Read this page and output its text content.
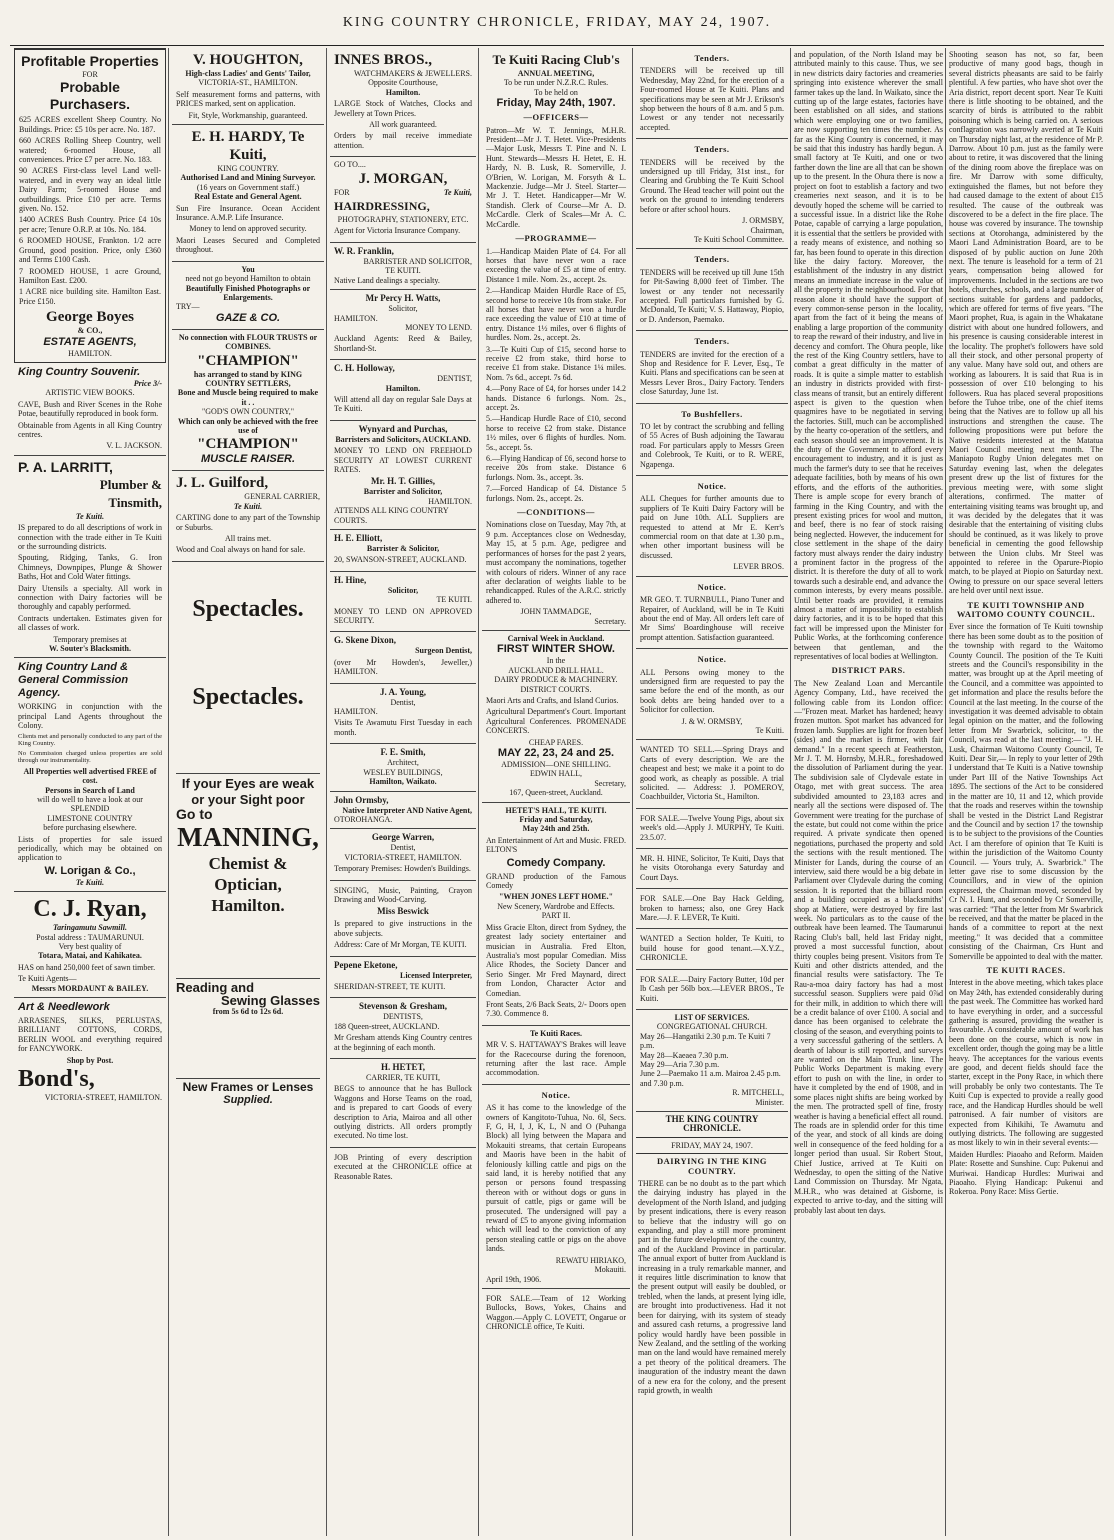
KING COUNTRY CHRONICLE, FRIDAY, MAY 24, 1907.
Profitable Properties
FOR
Probable Purchasers.
625 ACRES excellent Sheep Country. No Buildings. Price: £5 10s per acre. No. 187.
660 ACRES Rolling Sheep Country, well watered; 6-roomed House, all conveniences. Price £7 per acre. No. 183.
90 ACRES First-class level Land well-watered, and in every way an ideal little Dairy Farm; 5-roomed House and outbuildings. Price £10 per acre. Terms given. No. 152.
1400 ACRES Bush Country. Price £4 10s per acre; Tenure O.R.P. at 10s. No. 184.
6 ROOMED HOUSE, Frankton. 1/2 acre Ground, good position. Price, only £360 and Terms £100 Cash.
7 ROOMED HOUSE, 1 acre Ground, Hamilton East. £200.
1 ACRE nice building site. Hamilton East. Price £150.
George Boyes
& CO.,
ESTATE AGENTS,
HAMILTON.
King Country Souvenir.
Price 3/-
ARTISTIC VIEW BOOKS.
CAVE, Bush and River Scenes in the Rohe Potae, beautifully reproduced in book form.
Obtainable from Agents in all King Country centres.
V. L. JACKSON.
P. A. LARRITT,
Plumber &
Tinsmith,
Te Kuiti.
IS prepared to do all descriptions of work in connection with the trade either in Te Kuiti or the surrounding districts.
Spouting, Ridging, Tanks, G. Iron Chimneys, Downpipes, Plunge & Shower Baths, Hot and Cold Water fittings.
Dairy Utensils a specialty. All work in connection with Dairy factories will be thoroughly and capably performed.
Contracts undertaken. Estimates given for all classes of work.
Temporary premises at
W. Souter's Blacksmith.
King Country Land & General Commission Agency.
WORKING in conjunction with the principal Land Agents throughout the Colony.
Clients met and personally conducted to any part of the King Country.
No Commission charged unless properties are sold through our instrumentality.
All Properties well advertised FREE of cost.
Persons in Search of Land
will do well to have a look at our
SPLENDID
LIMESTONE COUNTRY
before purchasing elsewhere.
Lists of properties for sale issued periodically, which may be obtained on application to
W. Lorigan & Co.,
Te Kuiti.
C. J. Ryan,
Taringamutu Sawmill.
Postal address : TAUMARUNUI.
Very best quality of
Totara, Matai, and Kahikatea.
HAS on hand 250,000 feet of sawn timber.
Te Kuiti Agents—
Messrs MORDAUNT & BAILEY.
Art & Needlework
ARRASENES, SILKS, PERLUSTAS, BRILLIANT COTTONS, CORDS, BERLIN WOOL and everything required for FANCYWORK.
Shop by Post.
Bond's,
VICTORIA-STREET, HAMILTON.
V. HOUGHTON,
High-class Ladies' and Gents' Tailor,
VICTORIA-ST., HAMILTON.
Self measurement forms and patterns, with PRICES marked, sent on application.
Fit, Style, Workmanship, guaranteed.
E. H. HARDY, Te Kuiti,
KING COUNTRY.
Authorised Land and Mining Surveyor.
(16 years on Government staff.)
Real Estate and General Agent.
Sun Fire Insurance. Ocean Accident Insurance. A.M.P. Life Insurance.
Money to lend on approved security.
Maori Leases Secured and Completed throughout.
You
need not go beyond Hamilton to obtain
Beautifully Finished Photographs or Enlargements.
TRY—
GAZE & CO.
No connection with FLOUR TRUSTS or COMBINES.
"CHAMPION"
has arranged to stand by KING COUNTRY SETTLERS,
Bone and Muscle being required to make it . .
"GOD'S OWN COUNTRY,"
Which can only be achieved with the free use of
"CHAMPION"
MUSCLE RAISER.
J. L. Guilford,
GENERAL CARRIER,
Te Kuiti.
CARTING done to any part of the Township or Suburbs.
All trains met.
Wood and Coal always on hand for sale.
Spectacles.
Spectacles.
If your Eyes are weak or your Sight poor
Go to
MANNING,
Chemist & Optician, Hamilton.
Reading and
Sewing Glasses
from 5s 6d to 12s 6d.
New Frames or Lenses
Supplied.
INNES BROS.,
WATCHMAKERS & JEWELLERS.
Opposite Courthouse,
Hamilton.
LARGE Stock of Watches, Clocks and Jewellery at Town Prices.
All work guaranteed.
Orders by mail receive immediate attention.
GO TO....
J. MORGAN,
FOR	Te Kuiti,
HAIRDRESSING,
PHOTOGRAPHY, STATIONERY, ETC.
Agent for Victoria Insurance Company.
W. R. Franklin,
BARRISTER AND SOLICITOR,
TE KUITI.
Native Land dealings a specialty.
Mr Percy H. Watts,
Solicitor,
HAMILTON.
MONEY TO LEND.
Auckland Agents: Reed & Bailey, Shortland-St.
C. H. Holloway,
DENTIST,
Hamilton.
Will attend all day on regular Sale Days at Te Kuiti.
Wynyard and Purchas,
Barristers and Solicitors, AUCKLAND.
MONEY TO LEND ON FREEHOLD SECURITY AT LOWEST CURRENT RATES.
Mr. H. T. Gillies,
Barrister and Solicitor,
HAMILTON.
ATTENDS ALL KING COUNTRY COURTS.
H. E. Elliott,
Barrister & Solicitor,
20, SWANSON-STREET, AUCKLAND.
H. Hine,
Solicitor,
TE KUITI.
MONEY TO LEND ON APPROVED SECURITY.
G. Skene Dixon,
Surgeon Dentist,
(over Mr Howden's, Jeweller,) HAMILTON.
J. A. Young,
Dentist,
HAMILTON.
Visits Te Awamutu First Tuesday in each month.
F. E. Smith,
Architect,
WESLEY BUILDINGS,
Hamilton, Waikato.
John Ormsby,
Native Interpreter AND Native Agent,
OTOROHANGA.
George Warren,
Dentist,
VICTORIA-STREET, HAMILTON.
Temporary Premises: Howden's Buildings.
SINGING, Music, Painting, Crayon Drawing and Wood-Carving.
Miss Beswick
Is prepared to give instructions in the above subjects.
Address: Care of Mr Morgan, TE KUITI.
Pepene Eketone,
Licensed Interpreter,
SHERIDAN-STREET, TE KUITI.
Stevenson & Gresham,
DENTISTS,
188 Queen-street, AUCKLAND.
Mr Gresham attends King Country centres at the beginning of each month.
H. HETET,
CARRIER, TE KUITI,
BEGS to announce that he has Bullock Waggons and Horse Teams on the road, and is prepared to cart Goods of every description to Aria, Mairoa and all other outlying districts. All orders promptly executed. No time lost.
JOB Printing of every description executed at the CHRONICLE office at Reasonable Rates.
Te Kuiti Racing Club's
ANNUAL MEETING,
To be run under N.Z.R.C. Rules.
To be held on
Friday, May 24th, 1907.
—OFFICERS—
Patron—Mr W. T. Jennings, M.H.R. President—Mr J. T. Hetet. Vice-Presidents—Major Lusk, Messrs T. Pine and N. I. Hunt. Stewards—Messrs H. Hetet, E. H. Hardy, N. B. Lusk, R. Somerville, J. O'Brien, W. Lorigan, M. Forsyth & L. Mackenzie. Judge—Mr J. Steel. Starter—Mr J. T. Hetet. Handicapper—Mr W. Standish. Clerk of Course—Mr A. D. McCardle. Clerk of Scales—Mr A. C. McCardle.
—PROGRAMME—
1.—Handicap Maiden Plate of £4. For all horses that have never won a race exceeding the value of £5 at time of entry. Distance 1 mile. Nom. 2s., accept. 2s.
2.—Handicap Maiden Hurdle Race of £5, second horse to receive 10s from stake. For all horses that have never won a hurdle race exceeding the value of £10 at time of entry. Distance 1½ miles, over 6 flights of hurdles. Nom. 2s., accept. 2s.
3.—Te Kuiti Cup of £15, second horse to receive £2 from stake, third horse to receive £1 from stake. Distance 1¼ miles. Nom. 7s 6d., accept. 7s 6d.
4.—Pony Race of £4, for horses under 14.2 hands. Distance 6 furlongs. Nom. 2s., accept. 2s.
5.—Handicap Hurdle Race of £10, second horse to receive £2 from stake. Distance 1½ miles, over 6 flights of hurdles. Nom. 5s., accept. 5s.
6.—Flying Handicap of £6, second horse to receive 20s from stake. Distance 6 furlongs. Nom. 3s., accept. 3s.
7.—Forced Handicap of £4. Distance 5 furlongs. Nom. 2s., accept. 2s.
—CONDITIONS—
Nominations close on Tuesday, May 7th, at 9 p.m. Acceptances close on Wednesday, May 15, at 5 p.m. Age, pedigree and performances of horses for the past 2 years, must accompany the nominations, together with colours of riders. Winner of any race after declaration of weights liable to be rehandicapped. Rules of the A.R.C. strictly adhered to.
JOHN TAMMADGE,
Secretary.
Carnival Week in Auckland.
FIRST WINTER SHOW.
In the
AUCKLAND DRILL HALL.
DAIRY PRODUCE & MACHINERY.
DISTRICT COURTS.
Maori Arts and Crafts, and Island Curios.
Agricultural Department's Court. Important Agricultural Conferences. PROMENADE CONCERTS.
CHEAP FARES.
MAY 22, 23, 24 and 25.
ADMISSION—ONE SHILLING.
EDWIN HALL,
Secretary,
167, Queen-street, Auckland.
HETET'S HALL, TE KUITI.
Friday and Saturday,
May 24th and 25th.
An Entertainment of Art and Music. FRED. ELTON'S
Comedy Company.
GRAND production of the Famous Comedy
"WHEN JONES LEFT HOME."
New Scenery, Wardrobe and Effects.
PART II.
Miss Gracie Elton, direct from Sydney, the greatest lady society entertainer and musician in Australia. Fred Elton, Australia's most popular Comedian. Miss Alice Rhodes, the Society Dancer and Serio Singer. Mr Fred Maynard, direct from London, Character Actor and Comedian.
Front Seats, 2/6 Back Seats, 2/- Doors open 7.30. Commence 8.
Te Kuiti Races.
MR V. S. HATTAWAY'S Brakes will leave for the Racecourse during the forenoon, returning after the last race. Ample accommodation.
Notice.
AS it has come to the knowledge of the owners of Kangitoto-Tuhua, No. 6l, Secs. F, G, H, I, J, K, L, N and O (Puhanga Block) all lying between the Mapara and Mokauiti streams, that certain Europeans and Maoris have been in the habit of feloniously killing cattle and pigs on the said land, it is hereby notified that any person or persons found trespassing thereon with or without dogs or guns in pursuit of cattle, pigs or game will be prosecuted. The undersigned will pay a reward of £5 to anyone giving information which will lead to the conviction of any person stealing cattle or pigs on the above lands.
REWATU HIRIAKO,
Mokauiti.
April 19th, 1906.
FOR SALE.—Team of 12 Working Bullocks, Bows, Yokes, Chains and Waggon.—Apply C. LOVETT, Ongarue or CHRONICLE office, Te Kuiti.
Tenders.
TENDERS will be received up till Wednesday, May 22nd, for the erection of a Four-roomed House at Te Kuiti. Plans and specifications may be seen at Mr J. Erikson's shop between the hours of 8 a.m. and 5 p.m. Lowest or any tender not necessarily accepted.
Tenders.
TENDERS will be received by the undersigned up till Friday, 31st inst., for Clearing and Grubbing the Te Kuiti School Ground. The Head teacher will point out the work on the ground to intending tenderers before or after school hours.
J. ORMSBY,
Chairman,
Te Kuiti School Committee.
Tenders.
TENDERS will be received up till June 15th for Pit-Sawing 8,000 feet of Timber. The lowest or any tender not necessarily accepted. Full particulars furnished by G. McDonald, Te Kuiti; V. S. Hattaway, Piopio, or D. Anderson, Paemako.
Tenders.
TENDERS are invited for the erection of a Shop and Residence for F. Lever, Esq., Te Kuiti. Plans and specifications can be seen at Messrs Lever Bros., Dairy Factory. Tenders close Saturday, June 1st.
To Bushfellers.
TO let by contract the scrubbing and felling of 55 Acres of Bush adjoining the Tawarau road. For particulars apply to Messrs Green and Colebrook, Te Kuiti, or to R. WERE, Ngapenga.
Notice.
ALL Cheques for further amounts due to suppliers of Te Kuiti Dairy Factory will be paid on June 10th. ALL Suppliers are requested to attend at Mr E. Kerr's commercial room on that date at 1.30 p.m., when other important business will be discussed.
LEVER BROS.
Notice.
MR GEO. T. TURNBULL, Piano Tuner and Repairer, of Auckland, will be in Te Kuiti about the end of May. All orders left care of Mr Sims' Boardinghouse will receive prompt attention. Satisfaction guaranteed.
Notice.
ALL Persons owing money to the undersigned firm are requested to pay the same before the end of the month, as our book debts are being handed over to a Solicitor for collection.
J. & W. ORMSBY,
Te Kuiti.
WANTED TO SELL.—Spring Drays and Carts of every description. We are the cheapest and best; we make it a point to do good work, as cheaply as possible. A trial solicited. — Address: J. POMEROY, Coachbuilder, Victoria St., Hamilton.
FOR SALE.—Twelve Young Pigs, about six week's old.—Apply J. MURPHY, Te Kuiti. 23.5.07.
MR. H. HINE, Solicitor, Te Kuiti, Days that he visits Otorohanga every Saturday and Court Days.
FOR SALE.—One Bay Hack Gelding, broken to harness; also, one Grey Hack Mare.—J. F. LEVER, Te Kuiti.
WANTED a Section holder, Te Kuiti, to build house for good tenant.—X.Y.Z., CHRONICLE.
FOR SALE.—Dairy Factory Butter, 10d per lb Cash per 56lb box.—LEVER BROS., Te Kuiti.
LIST OF SERVICES.
CONGREGATIONAL CHURCH.
May 26—Hangatiki 2.30 p.m. Te Kuiti 7 p.m.
May 28—Kaeaea 7.30 p.m.
May 29—Aria 7.30 p.m.
June 2—Paemako 11 a.m. Mairoa 2.45 p.m. and 7.30 p.m.
R. MITCHELL,
Minister.
THE KING COUNTRY CHRONICLE.
FRIDAY, MAY 24, 1907.
DAIRYING IN THE KING COUNTRY.
THERE can be no doubt as to the part which the dairying industry has played in the development of the North Island, and judging by present indications, there is every reason to believe that the industry will go on expanding, and play a still more prominent part in the future development of the country, and of the Auckland Province in particular. The annual export of butter from Auckland is increasing in a truly remarkable manner, and it requires little discrimination to know that the present output will easily be doubled, or trebled, when the lands, at present lying idle, are brought into productiveness. Had it not been for dairying, with its system of steady and assured cash returns, a progressive land policy would hardly have been possible in New Zealand, and the settling of the working man on the land would have remained merely a pet theory of the political dreamers. The inauguration of the industry meant the dawn of a new era for the colony, and the present rapid growth, in wealth
and population, of the North Island may be attributed mainly to this cause. Thus, we see in new districts dairy factories and creameries springing into existence wherever the small farmer takes up the land. In Waikato, since the cutting up of the large estates, factories have been established on all sides, and stations which were employing one or two families, are now supporting ten times the number. As far as the King Country is concerned, it may be said that this industry has hardly begun. A small factory at Te Kuiti, and one or two farther down the line are all that can be shown up to the present. In the Ohura there is now a project on foot to establish a factory and two creameries next season, and it is to be devoutly hoped the scheme will be carried to a successful issue. In a district like the Rohe Potae, capable of carrying a large population, it is essential that the settlers be provided with a ready means of existence, and nothing so far, has been found to operate in this direction like the dairy factory. Moreover, the establishment of the industry in any district means an immediate increase in the value of all the property in the neighbourhood. For that reason alone it should have the support of every common-sense person in the locality, apart from the fact of it being the means of enabling a large proportion of the community to reap the reward of their industry, and live in decency and comfort. The Ohura people, like the rest of the King Country settlers, have to combat a great difficulty in the matter of roads. It is quite a simple matter to establish an industry in districts provided with first-class means of transit, but an entirely different aspect is given to the question when quagmires have to be negotiated in serving the factories. Still, much can be accomplished by the hearty co-operation of the settlers, and each season should see an improvement. It is the duty of the Government to afford every encouragement to industry, and it is just as much the farmer's duty to see that he receives adequate facilities, both by means of his own efforts, and the efforts of the authorities. There is ample scope for every branch of farming in the King Country, and with the present existing prices for wool and mutton, and beef, there is no fear of stock raising being neglected. However, the inducement for close settlement in the shape of the dairy factory must always render the dairy industry a prominent factor in the progress of the district. It is therefore the duty of all to work towards such a desirable end, and advance the common interests, by every means possible. Until better roads are provided, it remains almost a matter of impossibility to establish dairy factories, and it is to be hoped that this fact will be impressed upon the Minister for Public Works, at the forthcoming conference between that gentleman, and the representatives of local bodies at Wellington.
DISTRICT PARS.
The New Zealand Loan and Mercantile Agency Company, Ltd., have received the following cable from its London office:—"Frozen meat. Market has hardened; heavy frozen mutton. Spot market has advanced for frozen lamb. Supplies are light for frozen beef (sides) and the market is firmer, with fair demand." In a recent speech at Featherston, Mr J. T. M. Hornsby, M.H.R., foreshadowed the dissolution of Parliament during the year. The subdivision sale of Clydevale estate in Otago, met with great success. The area subdivided amounted to 23,183 acres and nearly all the sections were disposed of. The Government were treating for the purchase of the estate, but could not come within the price required. A private syndicate then opened negotiations, purchased the property and sold the sections with the result mentioned. The Minister for Lands, during the course of an interview, said there would be a big debate in Parliament over Clydevale during the coming session. It is reported that the billiard room and a building occupied as a blacksmiths' shop at Matiere, were destroyed by fire last week. No particulars as to the cause of the outbreak have been learned. The Taumarunui Racing Club's ball, held last Friday night, proved a most successful function, about thirty couples being present. Visitors from Te Kuiti and other districts attended, and the financial results were satisfactory. The Te Rau-a-moa dairy factory has had a most successful season. Suppliers were paid 0⅞d for their milk, in addition to which there will be a credit balance of over £100. A social and dance has been organised to celebrate the closing of the season, and everything points to a very successful gathering of the settlers. A dearth of labour is still reported, and surveys are wanted on the Main Trunk line. The Public Works Department is making every effort to push on with the line, in order to have it completed by the end of 1908, and in some places night shifts are being worked by the men. The protracted spell of fine, frosty weather is having a beneficial effect all round. The roads are in splendid order for this time of the year, and stock of all kinds are doing well in consequence of the feed holding for a longer period than usual. Sir Robert Stout, Chief Justice, arrived at Te Kuiti on Wednesday, to open the sitting of the Native Land Commission on Thursday. Mr Ngata, M.H.R., who was detained at Gisborne, is expected to arrive to-day, and the sitting will probably last about ten days.
Shooting season has not, so far, been productive of many good bags, though in several districts pheasants are said to be fairly plentiful. A few parties, who have shot over the Aria district, report decent sport. Near Te Kuiti there is little shooting to be obtained, and the scarcity of birds is attributed to the rabbit poisoning which is being carried on. A serious conflagration was narrowly averted at Te Kuiti on Thursday night last, at the residence of Mr P. Darrow. About 10 p.m. just as the family were about to retire, it was discovered that the lining of the dining room above the fireplace was on fire. Mr Darrow with some difficulty, extinguished the flames, but not before they had caused damage to the extent of about £15 resulted. The cause of the outbreak was discovered to be a defect in the fire place. The house was covered by insurance. The township sections at Otorohanga, administered by the Maori Land Administration Board, are to be disposed of by public auction on June 20th next. The tenure is leasehold for a term of 21 years, compensation being allowed for improvements. Included in the sections are two hotels, churches, schools, and a large number of sections suitable for gardens and paddocks, which are offered for terms of five years. "The Maori prophet, Rua, is again in the Whakatane district with about one hundred followers, and his presence is causing considerable interest in the locality. The prophet's followers have sold all their stock, and other personal property of any value. Many have sold out, and others are working as labourers. It is said that Rua is in possession of over £10 belonging to his followers. Rua has placed several propositions before the Tuhoe tribe, one of the chief items being that the Natives are to follow up all his instructions and strengthen the cause. The following propositions were put before the Native residents interested at the Matatua Maori Council meeting next month. The Maniapoto Rugby Union delegates met on Saturday evening last, when the delegates present drew up the list of fixtures for the previous meeting were, with some slight alterations, confirmed. The matter of entertaining visiting teams was brought up, and it was decided by the delegates that it was desirable that the entertaining of visiting clubs should be continued, as it was likely to prove beneficial in cementing the good fellowship between the Union clubs. Mr Steel was appointed to referee in the Oparure-Piopio match, to be played at Piopio on Saturday next. Owing to pressure on our space several letters are held over until next issue.
TE KUITI TOWNSHIP AND WAITOMO COUNTY COUNCIL.
Ever since the formation of Te Kuiti township there has been some doubt as to the position of the township with regard to the Waitomo County Council. The position of the Te Kuiti streets and the Council's responsibility in the matter, was brought up at the April meeting of the Council, and a committee was appointed to get information and place the results before the Council at the last meeting. In the course of the investigation it was deemed advisable to obtain legal opinion on the matter, and the following letter from Mr Swarbrick, solicitor, to the Council, was read at the last meeting:— "J. H. Lusk, Chairman Waitomo County Council, Te Kuiti. Dear Sir,— In reply to your letter of 29th I understand that Te Kuiti is a Native township under Part III of the Native Townships Act 1895. The sections of the Act to be considered in the matter are 10, 11 and 12, which provide that the roads and reserves within the township shall be vested in the District Land Registrar and the Council and by section 17 the township is to be subject to the provisions of the Counties Act. I am therefore of opinion that Te Kuiti is within the jurisdiction of the Waitomo County Council. — Yours truly, A. Swarbrick." The letter gave rise to some discussion by the Councillors, and in view of the opinion expressed, the Chairman moved, seconded by Cr N. I. Hunt, and seconded by Cr Somerville, was carried: "That the letter from Mr Swarbrick be received, and that the matter be placed in the hands of a committee to report at the next meeting." It was decided that a committee consisting of the Chairman, Crs Hunt and Somerville be appointed to deal with the matter.
TE KUITI RACES.
Interest in the above meeting, which takes place on May 24th, has extended considerably during the past week. The Committee has worked hard to have everything in order, and a successful gathering is assured, providing the weather is favourable. A considerable amount of work has been done on the course, which is now in excellent order, though the going may be a little heavy. The acceptances for the various events are good, and decent fields should face the starter, except in the Pony Race, in which there will probably be only two contestants. The Te Kuiti Cup is expected to provide a really good race, and the Handicap Hurdles should be well patronised. A fair number of visitors are expected from Kihikihi, Te Awamutu and outlying districts. The following are suggested as most likely to win in their several events:—
Maiden Hurdles: Piaoaho and Reform. Maiden Plate: Rosette and Sunshine. Cup: Pukenui and Muriwai. Handicap Hurdles: Muriwai and Piaoaho. Flying Handicap: Pukenui and Rokeroa. Pony Race: Miss Gertie.
